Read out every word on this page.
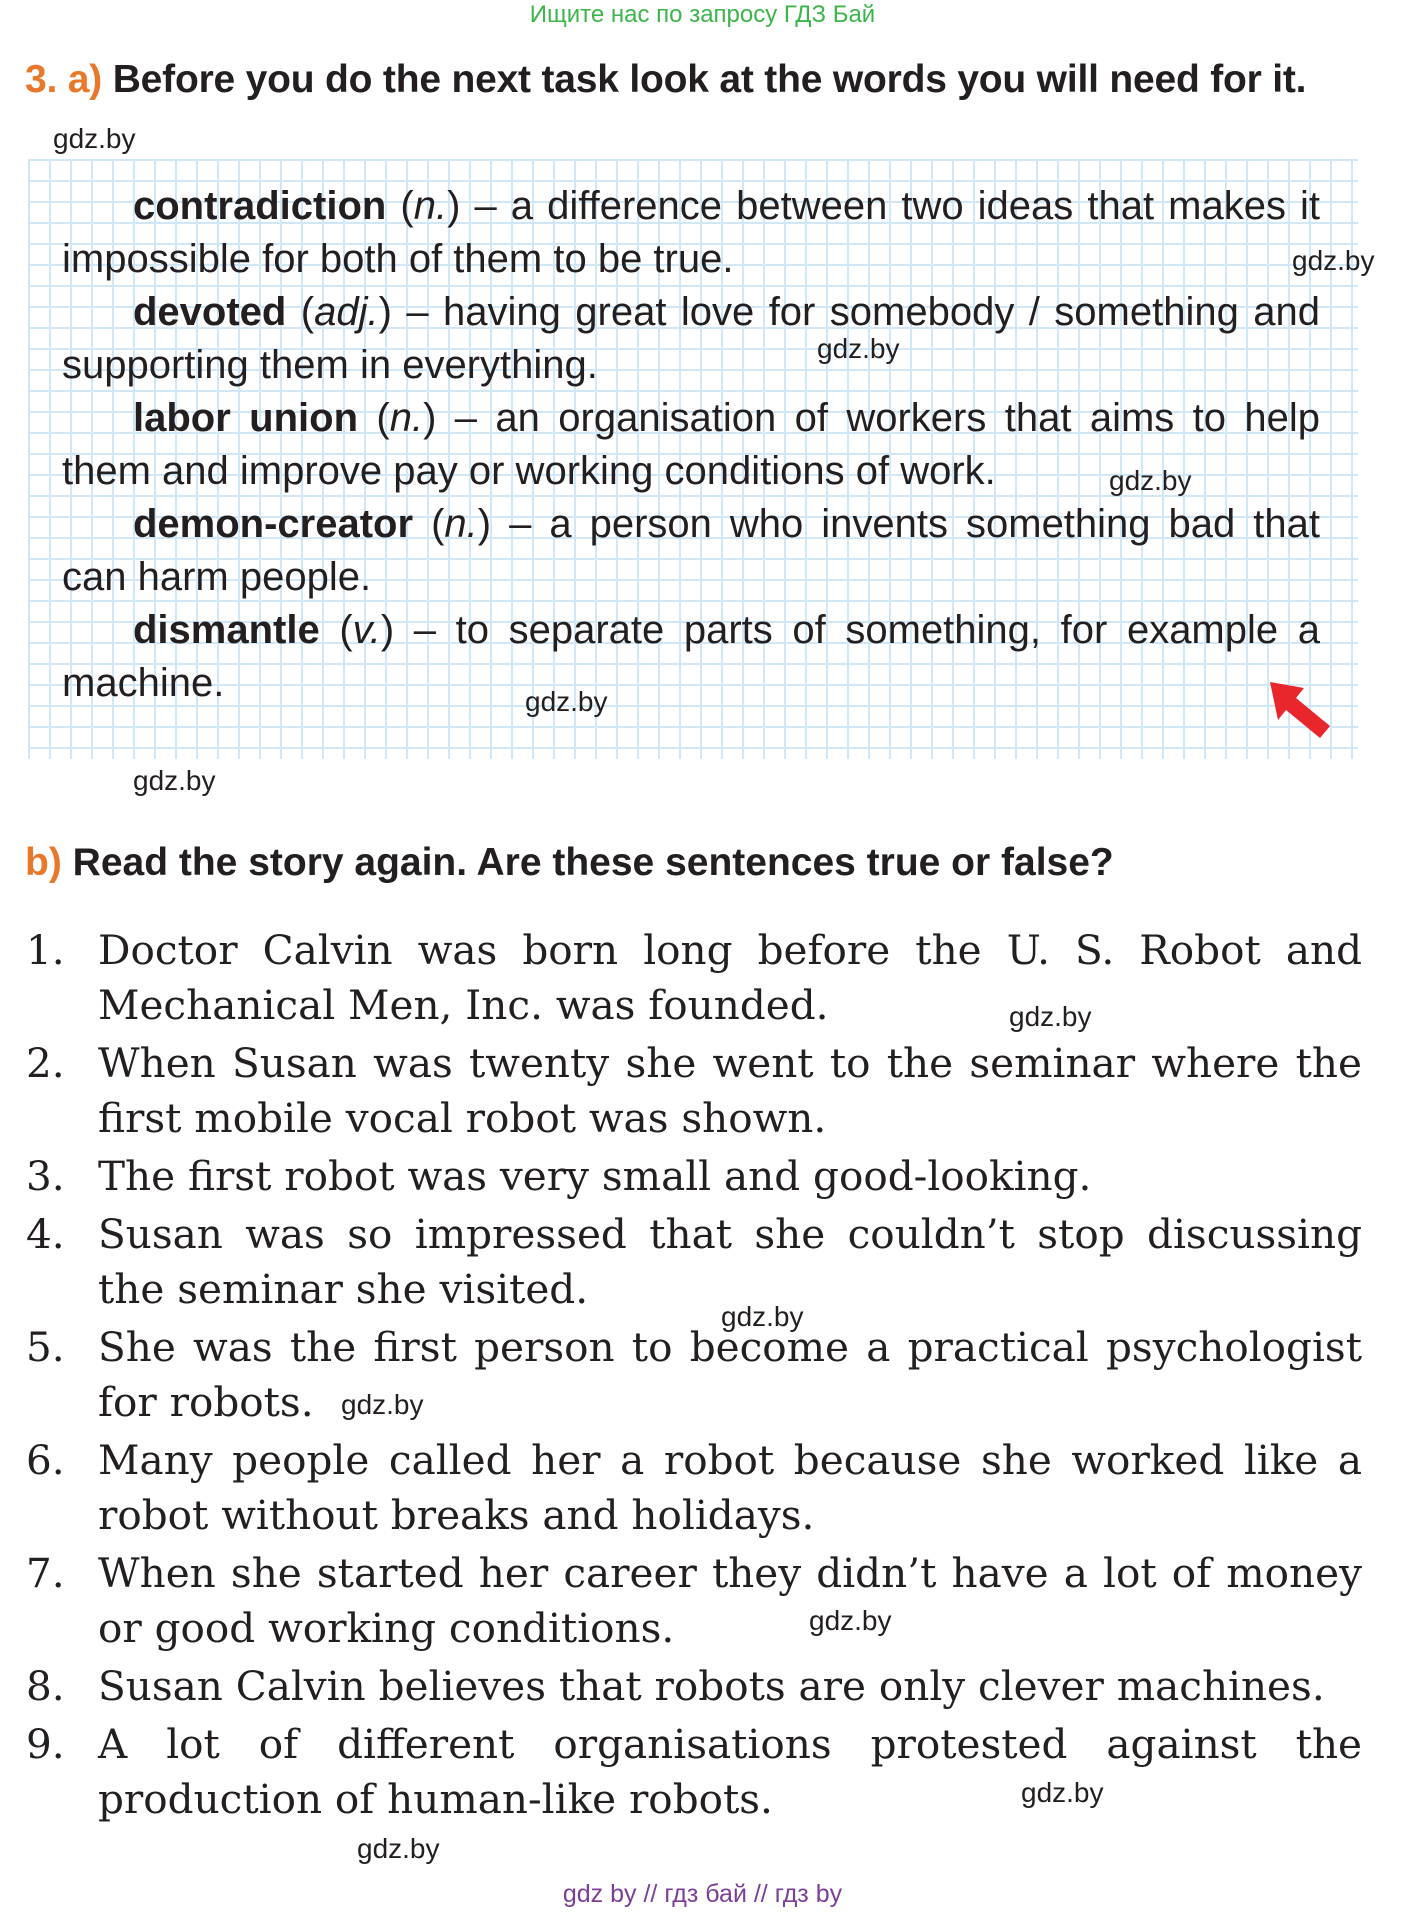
Ищите нас по запросу ГДЗ Бай
3. a) Before you do the next task look at the words you will need for it.

contradiction (n.) – a difference between two ideas that makes it impossible for both of them to be true.

devoted (adj.) – having great love for somebody / something and supporting them in everything.

labor union (n.) – an organisation of workers that aims to help them and improve pay or working conditions of work.

demon-creator (n.) – a person who invents something bad that can harm people.

dismantle (v.) – to separate parts of something, for example a machine.

b) Read the story again. Are these sentences true or false?
1. Doctor Calvin was born long before the U. S. Robot and Mechanical Men, Inc. was founded.
2. When Susan was twenty she went to the seminar where the first mobile vocal robot was shown.
3. The first robot was very small and good-looking.
4. Susan was so impressed that she couldn’t stop discussing the seminar she visited.
5. She was the first person to become a practical psychologist for robots.
6. Many people called her a robot because she worked like a robot without breaks and holidays.
7. When she started her career they didn’t have a lot of money or good working conditions.
8. Susan Calvin believes that robots are only clever machines.
9. A lot of different organisations protested against the production of human-like robots.
gdz.by
gdz.by
gdz.by
gdz.by
gdz.by
gdz.by
gdz.by
gdz.by
gdz.by
gdz.by
gdz.by
gdz.by
gdz by // гдз бай // гдз by
